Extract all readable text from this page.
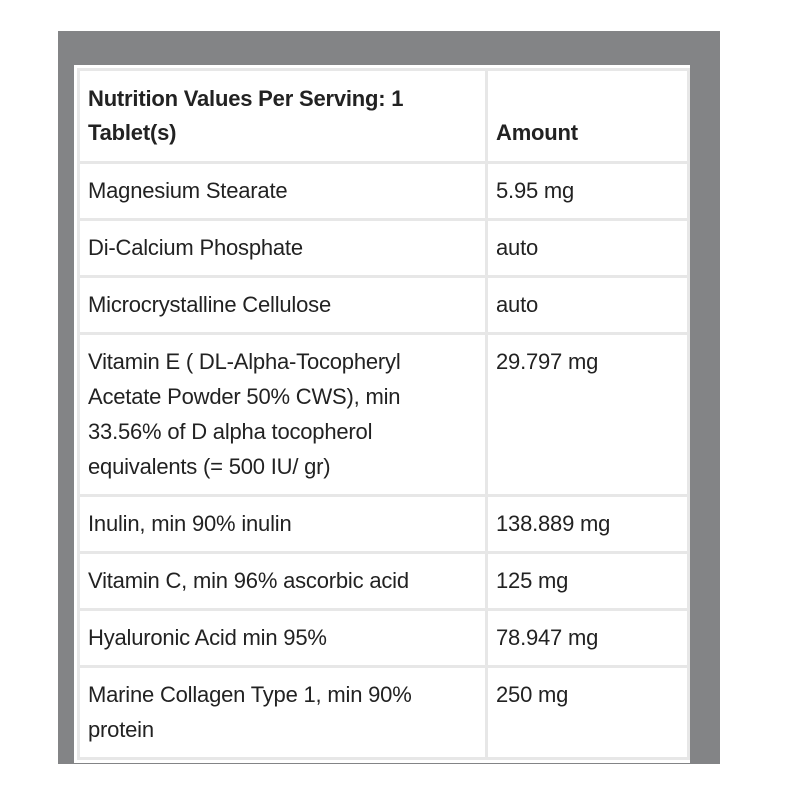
Nutrition Values Per Serving: 1 Tablet(s)	Amount
Magnesium Stearate	5.95 mg
Di-Calcium Phosphate	auto
Microcrystalline Cellulose	auto
Vitamin E ( DL-Alpha-Tocopheryl Acetate Powder 50% CWS), min 33.56% of D alpha tocopherol equivalents (= 500 IU/ gr)	29.797 mg
Inulin, min 90% inulin	138.889 mg
Vitamin C, min 96% ascorbic acid	125 mg
Hyaluronic Acid min 95%	78.947 mg
Marine Collagen Type 1, min 90% protein	250 mg
